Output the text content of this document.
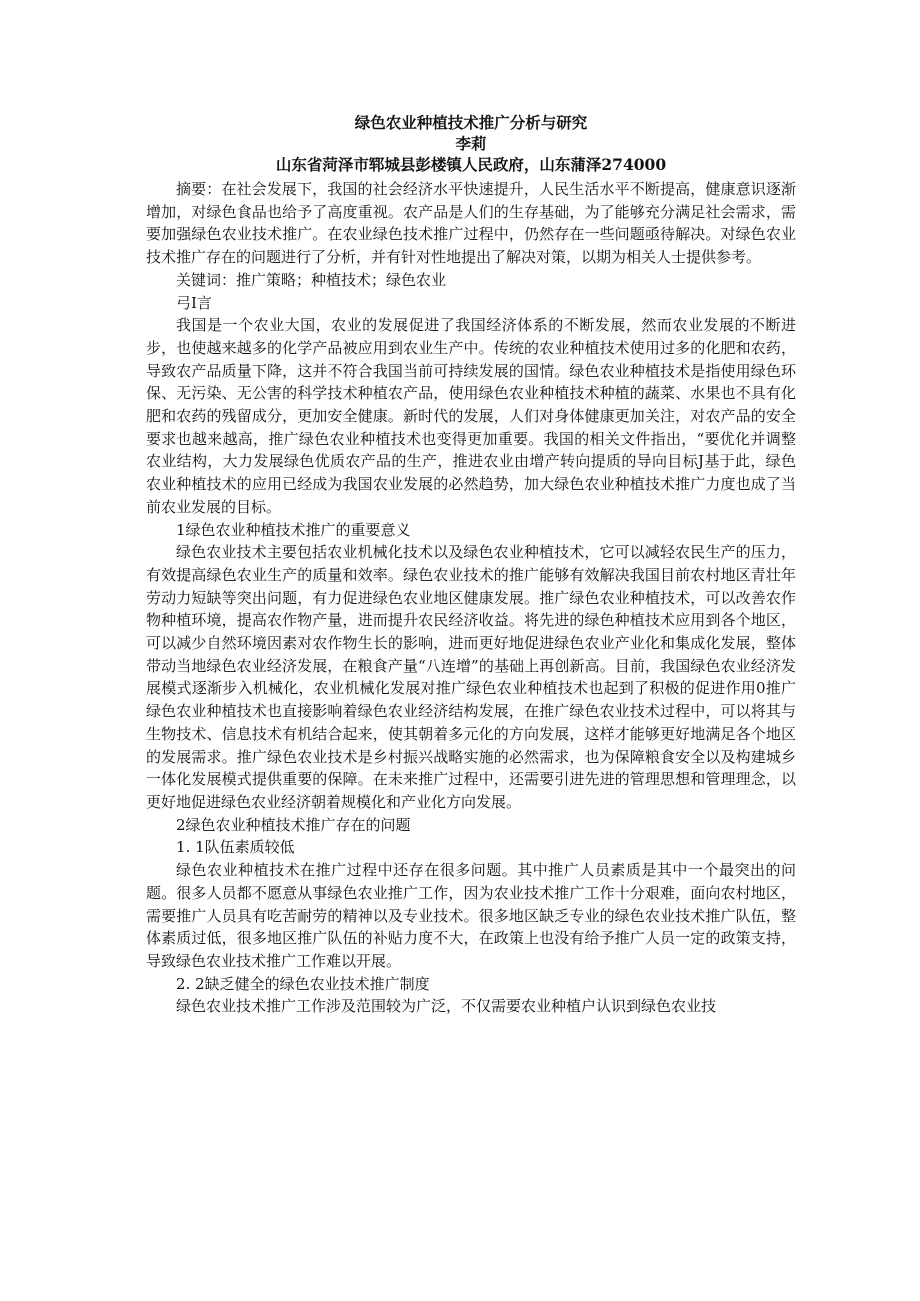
绿色农业种植技术推广分析与研究

李莉

山东省菏泽市郓城县彭楼镇人民政府，山东蒲泽274000

摘要：在社会发展下，我国的社会经济水平快速提升，人民生活水平不断提高，健康意识逐渐增加，对绿色食品也给予了高度重视。农产品是人们的生存基础，为了能够充分满足社会需求，需要加强绿色农业技术推广。在农业绿色技术推广过程中，仍然存在一些问题亟待解决。对绿色农业技术推广存在的问题进行了分析，并有针对性地提出了解决对策，以期为相关人士提供参考。

关键词：推广策略；种植技术；绿色农业

弓I言

我国是一个农业大国，农业的发展促进了我国经济体系的不断发展，然而农业发展的不断进步，也使越来越多的化学产品被应用到农业生产中。传统的农业种植技术使用过多的化肥和农药，导致农产品质量下降，这并不符合我国当前可持续发展的国情。绿色农业种植技术是指使用绿色环保、无污染、无公害的科学技术种植农产品，使用绿色农业种植技术种植的蔬菜、水果也不具有化肥和农药的残留成分，更加安全健康。新时代的发展，人们对身体健康更加关注，对农产品的安全要求也越来越高，推广绿色农业种植技术也变得更加重要。我国的相关文件指出，“要优化并调整农业结构，大力发展绿色优质农产品的生产，推进农业由增产转向提质的导向目标J基于此，绿色农业种植技术的应用已经成为我国农业发展的必然趋势，加大绿色农业种植技术推广力度也成了当前农业发展的目标。

1绿色农业种植技术推广的重要意义

绿色农业技术主要包括农业机械化技术以及绿色农业种植技术，它可以减轻农民生产的压力，有效提高绿色农业生产的质量和效率。绿色农业技术的推广能够有效解决我国目前农村地区青壮年劳动力短缺等突出问题，有力促进绿色农业地区健康发展。推广绿色农业种植技术，可以改善农作物种植环境，提高农作物产量，进而提升农民经济收益。将先进的绿色种植技术应用到各个地区，可以减少自然环境因素对农作物生长的影响，进而更好地促进绿色农业产业化和集成化发展，整体带动当地绿色农业经济发展，在粮食产量“八连增”的基础上再创新高。目前，我国绿色农业经济发展模式逐渐步入机械化，农业机械化发展对推广绿色农业种植技术也起到了积极的促进作用0推广绿色农业种植技术也直接影响着绿色农业经济结构发展，在推广绿色农业技术过程中，可以将其与生物技术、信息技术有机结合起来，使其朝着多元化的方向发展，这样才能够更好地满足各个地区的发展需求。推广绿色农业技术是乡村振兴战略实施的必然需求，也为保障粮食安全以及构建城乡一体化发展模式提供重要的保障。在未来推广过程中，还需要引进先进的管理思想和管理理念，以更好地促进绿色农业经济朝着规模化和产业化方向发展。

2绿色农业种植技术推广存在的问题

1. 1队伍素质较低

绿色农业种植技术在推广过程中还存在很多问题。其中推广人员素质是其中一个最突出的问题。很多人员都不愿意从事绿色农业推广工作，因为农业技术推广工作十分艰难，面向农村地区，需要推广人员具有吃苦耐劳的精神以及专业技术。很多地区缺乏专业的绿色农业技术推广队伍，整体素质过低，很多地区推广队伍的补贴力度不大，在政策上也没有给予推广人员一定的政策支持，导致绿色农业技术推广工作难以开展。

2. 2缺乏健全的绿色农业技术推广制度

绿色农业技术推广工作涉及范围较为广泛，不仅需要农业种植户认识到绿色农业技
